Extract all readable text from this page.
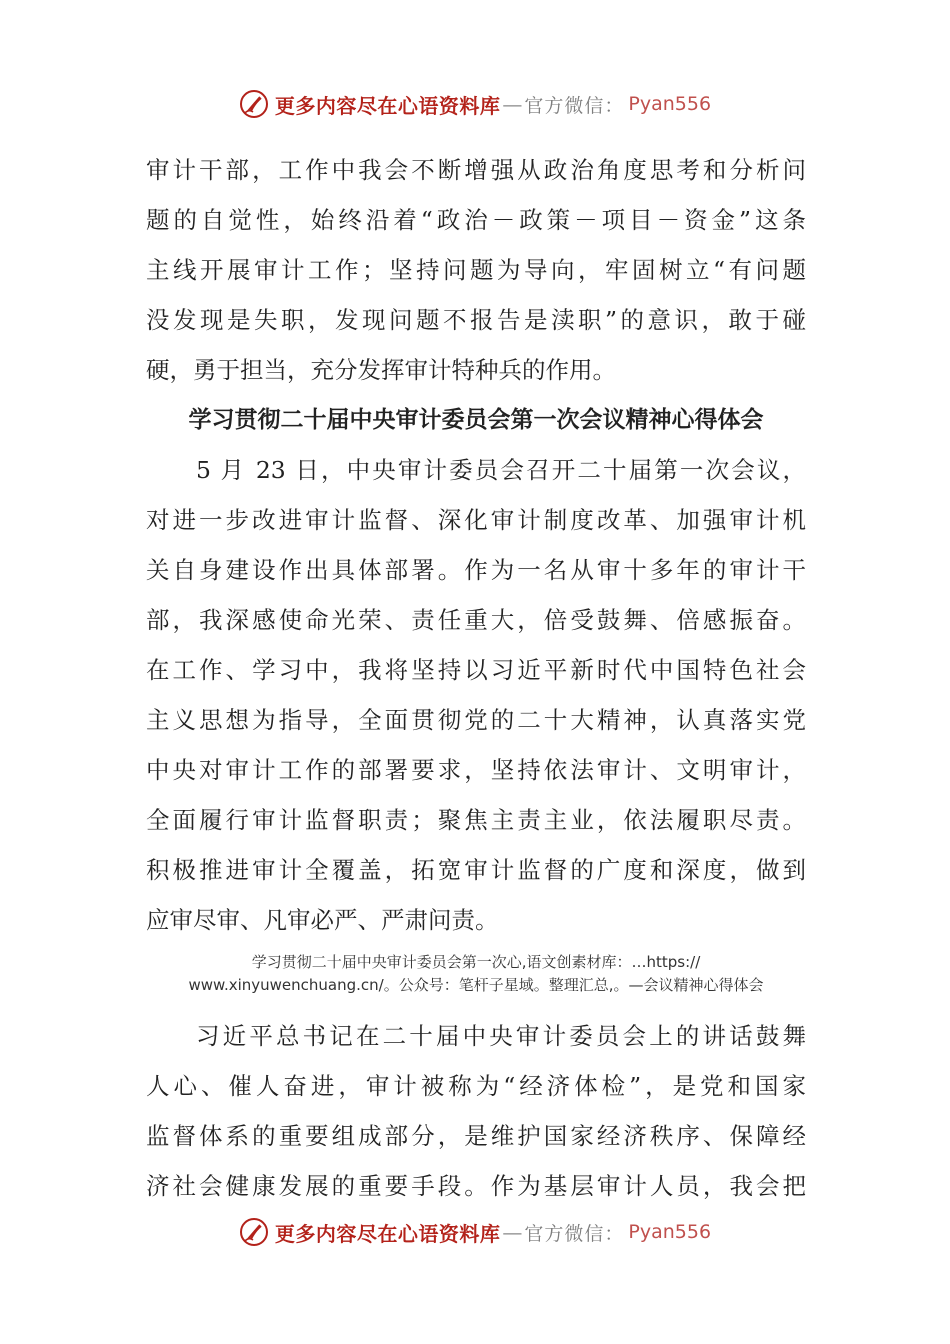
更多内容尽在心语资料库 — 官方微信： Pyan556
审计干部，工作中我会不断增强从政治角度思考和分析问
题的自觉性，始终沿着“政治－政策－项目－资金”这条
主线开展审计工作；坚持问题为导向，牢固树立“有问题
没发现是失职，发现问题不报告是渎职”的意识，敢于碰
硬，勇于担当，充分发挥审计特种兵的作用。
学习贯彻二十届中央审计委员会第一次会议精神心得体会
5 月 23 日，中央审计委员会召开二十届第一次会议，
对进一步改进审计监督、深化审计制度改革、加强审计机
关自身建设作出具体部署。作为一名从审十多年的审计干
部，我深感使命光荣、责任重大，倍受鼓舞、倍感振奋。
在工作、学习中，我将坚持以习近平新时代中国特色社会
主义思想为指导，全面贯彻党的二十大精神，认真落实党
中央对审计工作的部署要求，坚持依法审计、文明审计，
全面履行审计监督职责；聚焦主责主业，依法履职尽责。
积极推进审计全覆盖，拓宽审计监督的广度和深度，做到
应审尽审、凡审必严、严肃问责。
学习贯彻二十届中央审计委员会第一次心,语文创素材库：…https://
www.xinyuwenchuang.cn/。公众号：笔杆子星域。整理汇总,。—会议精神心得体会
习近平总书记在二十届中央审计委员会上的讲话鼓舞
人心、催人奋进，审计被称为“经济体检”，是党和国家
监督体系的重要组成部分，是维护国家经济秩序、保障经
济社会健康发展的重要手段。作为基层审计人员，我会把
更多内容尽在心语资料库 — 官方微信： Pyan556
